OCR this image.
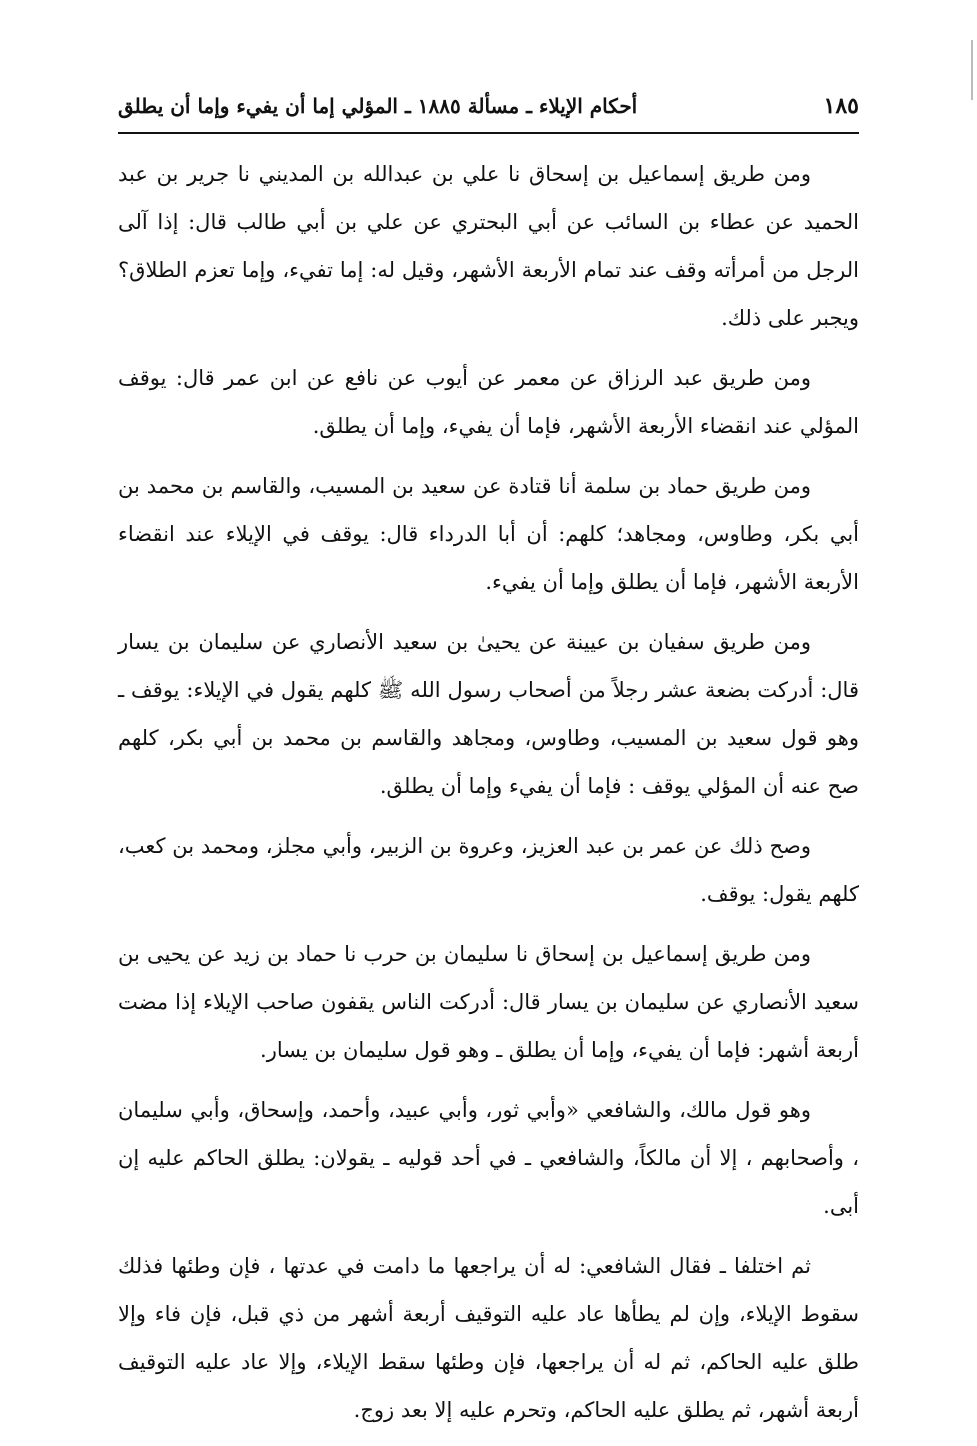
أحكام الإيلاء ـ مسألة ١٨٨٥ ـ المؤلي إما أن يفيء وإما أن يطلق	١٨٥

ومن طريق إسماعيل بن إسحاق نا علي بن عبدالله بن المديني نا جرير بن عبد الحميد عن عطاء بن السائب عن أبي البحتري عن علي بن أبي طالب قال: إذا آلى الرجل من أمرأته وقف عند تمام الأربعة الأشهر، وقيل له: إما تفيء، وإما تعزم الطلاق؟ ويجبر على ذلك.

ومن طريق عبد الرزاق عن معمر عن أيوب عن نافع عن ابن عمر قال: يوقف المؤلي عند انقضاء الأربعة الأشهر، فإما أن يفيء، وإما أن يطلق.

ومن طريق حماد بن سلمة أنا قتادة عن سعيد بن المسيب، والقاسم بن محمد بن أبي بكر، وطاوس، ومجاهد؛ كلهم: أن أبا الدرداء قال: يوقف في الإيلاء عند انقضاء الأربعة الأشهر، فإما أن يطلق وإما أن يفيء.

ومن طريق سفيان بن عيينة عن يحيىٰ بن سعيد الأنصاري عن سليمان بن يسار قال: أدركت بضعة عشر رجلاً من أصحاب رسول الله ﷺ كلهم يقول في الإيلاء: يوقف ـ وهو قول سعيد بن المسيب، وطاوس، ومجاهد والقاسم بن محمد بن أبي بكر، كلهم صح عنه أن المؤلي يوقف : فإما أن يفيء وإما أن يطلق.

وصح ذلك عن عمر بن عبد العزيز، وعروة بن الزبير، وأبي مجلز، ومحمد بن كعب، كلهم يقول: يوقف.

ومن طريق إسماعيل بن إسحاق نا سليمان بن حرب نا حماد بن زيد عن يحيى بن سعيد الأنصاري عن سليمان بن يسار قال: أدركت الناس يقفون صاحب الإيلاء إذا مضت أربعة أشهر: فإما أن يفيء، وإما أن يطلق ـ وهو قول سليمان بن يسار.

وهو قول مالك، والشافعي «وأبي ثور، وأبي عبيد، وأحمد، وإسحاق، وأبي سليمان ، وأصحابهم ، إلا أن مالكاً، والشافعي ـ في أحد قوليه ـ يقولان: يطلق الحاكم عليه إن أبى.

ثم اختلفا ـ فقال الشافعي: له أن يراجعها ما دامت في عدتها ، فإن وطئها فذلك سقوط الإيلاء، وإن لم يطأها عاد عليه التوقيف أربعة أشهر من ذي قبل، فإن فاء وإلا طلق عليه الحاكم، ثم له أن يراجعها، فإن وطئها سقط الإيلاء، وإلا عاد عليه التوقيف أربعة أشهر، ثم يطلق عليه الحاكم، وتحرم عليه إلا بعد زوج.
